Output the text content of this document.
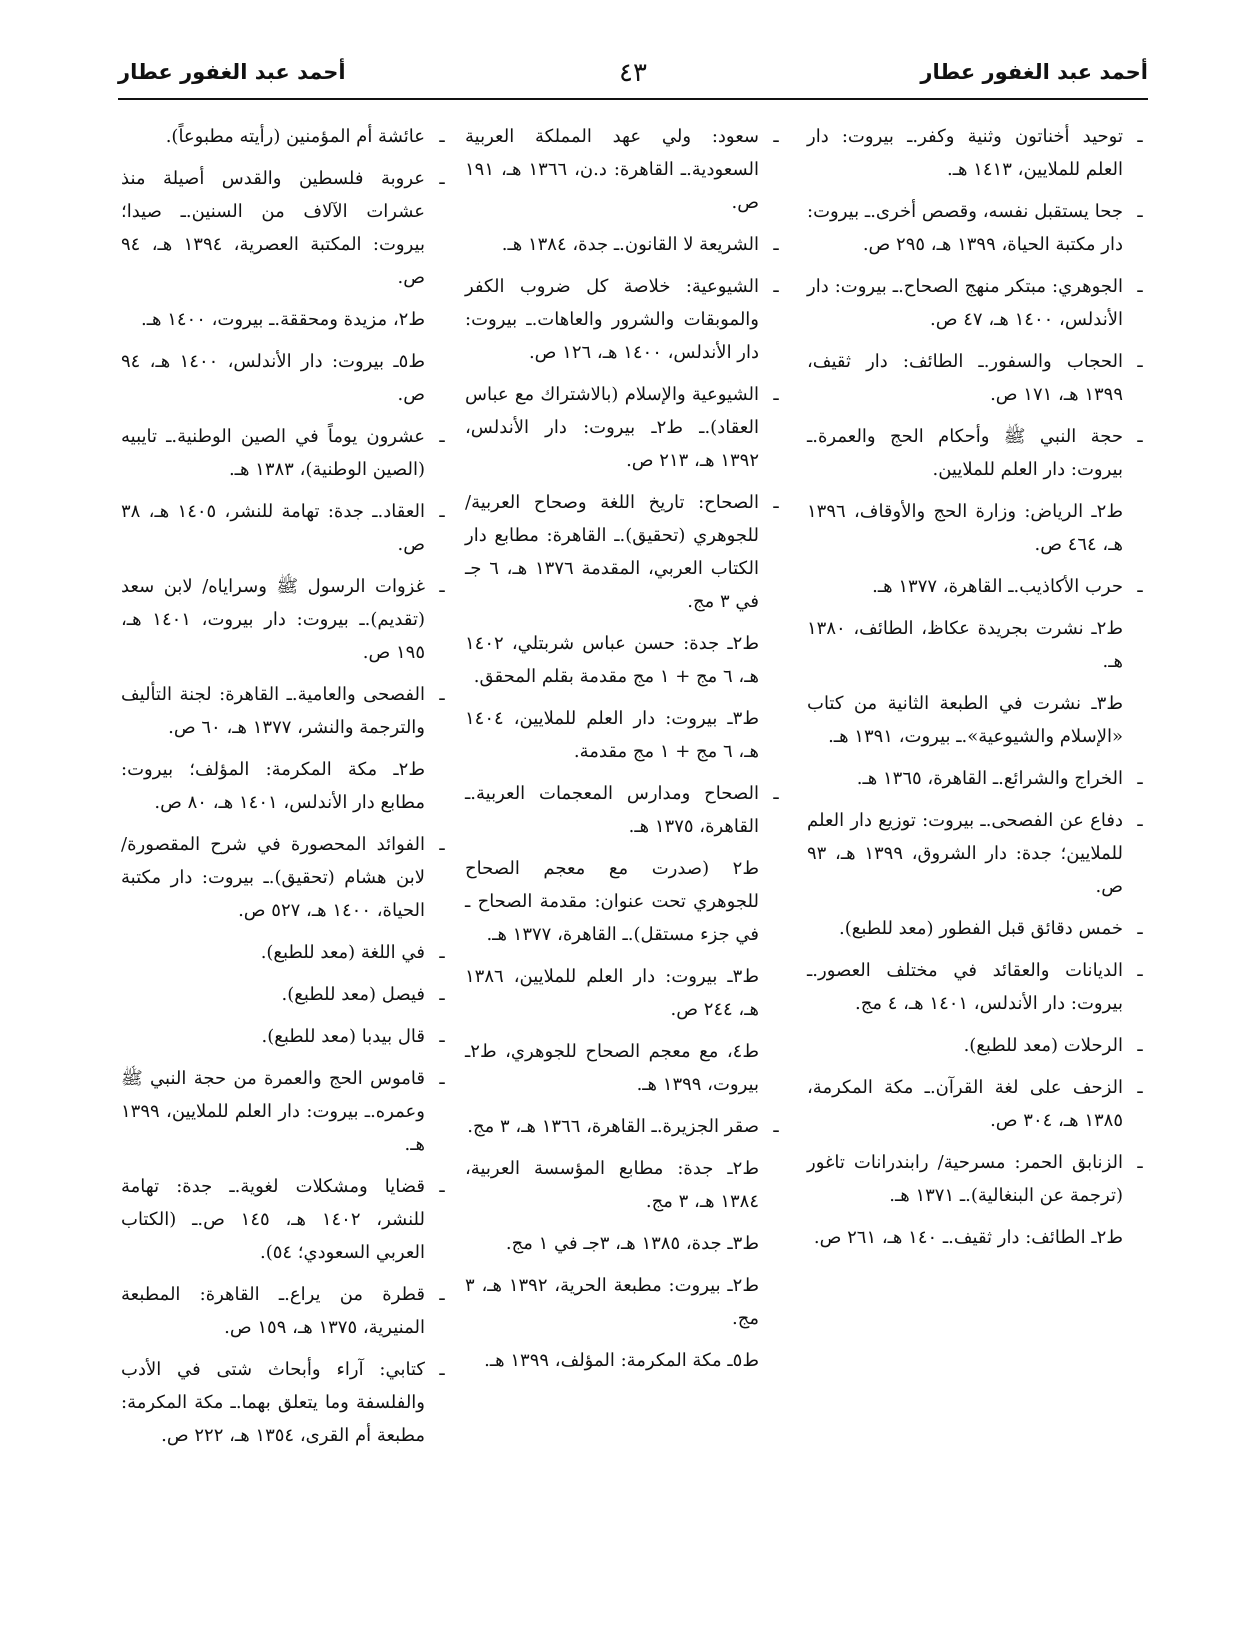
أحمد عبد الغفور عطار
٤٣
أحمد عبد الغفور عطار
ـ
توحيد أخناتون وثنية وكفر.ـ بيروت: دار العلم للملايين، ١٤١٣ هـ.
ـ
جحا يستقبل نفسه، وقصص أخرى.ـ بيروت: دار مكتبة الحياة، ١٣٩٩ هـ، ٢٩٥ ص.
ـ
الجوهري: مبتكر منهج الصحاح.ـ بيروت: دار الأندلس، ١٤٠٠ هـ، ٤٧ ص.
ـ
الحجاب والسفور.ـ الطائف: دار ثقيف، ١٣٩٩ هـ، ١٧١ ص.
ـ
حجة النبي ﷺ وأحكام الحج والعمرة.ـ بيروت: دار العلم للملايين.
ط٢ـ الرياض: وزارة الحج والأوقاف، ١٣٩٦ هـ، ٤٦٤ ص.
ـ
حرب الأكاذيب.ـ القاهرة، ١٣٧٧ هـ.
ط٢ـ نشرت بجريدة عكاظ، الطائف، ١٣٨٠ هـ.
ط٣ـ نشرت في الطبعة الثانية من كتاب «الإسلام والشيوعية».ـ بيروت، ١٣٩١ هـ.
ـ
الخراج والشرائع.ـ القاهرة، ١٣٦٥ هـ.
ـ
دفاع عن الفصحى.ـ بيروت: توزيع دار العلم للملايين؛ جدة: دار الشروق، ١٣٩٩ هـ، ٩٣ ص.
ـ
خمس دقائق قبل الفطور (معد للطبع).
ـ
الديانات والعقائد في مختلف العصور.ـ بيروت: دار الأندلس، ١٤٠١ هـ، ٤ مج.
ـ
الرحلات (معد للطبع).
ـ
الزحف على لغة القرآن.ـ مكة المكرمة، ١٣٨٥ هـ، ٣٠٤ ص.
ـ
الزنابق الحمر: مسرحية/ رابندرانات تاغور (ترجمة عن البنغالية).ـ ١٣٧١ هـ.
ط٢ـ الطائف: دار ثقيف.ـ ١٤٠ هـ، ٢٦١ ص.
ـ
سعود: ولي عهد المملكة العربية السعودية.ـ القاهرة: د.ن، ١٣٦٦ هـ، ١٩١ ص.
ـ
الشريعة لا القانون.ـ جدة، ١٣٨٤ هـ.
ـ
الشيوعية: خلاصة كل ضروب الكفر والموبقات والشرور والعاهات.ـ بيروت: دار الأندلس، ١٤٠٠ هـ، ١٢٦ ص.
ـ
الشيوعية والإسلام (بالاشتراك مع عباس العقاد).ـ ط٢ـ بيروت: دار الأندلس، ١٣٩٢ هـ، ٢١٣ ص.
ـ
الصحاح: تاريخ اللغة وصحاح العربية/ للجوهري (تحقيق).ـ القاهرة: مطابع دار الكتاب العربي، المقدمة ١٣٧٦ هـ، ٦ جـ في ٣ مج.
ط٢ـ جدة: حسن عباس شربتلي، ١٤٠٢ هـ، ٦ مج + ١ مج مقدمة بقلم المحقق.
ط٣ـ بيروت: دار العلم للملايين، ١٤٠٤ هـ، ٦ مج + ١ مج مقدمة.
ـ
الصحاح ومدارس المعجمات العربية.ـ القاهرة، ١٣٧٥ هـ.
ط٢ (صدرت مع معجم الصحاح للجوهري تحت عنوان: مقدمة الصحاح ـ في جزء مستقل).ـ القاهرة، ١٣٧٧ هـ.
ط٣ـ بيروت: دار العلم للملايين، ١٣٨٦ هـ، ٢٤٤ ص.
ط٤، مع معجم الصحاح للجوهري، ط٢ـ بيروت، ١٣٩٩ هـ.
ـ
صقر الجزيرة.ـ القاهرة، ١٣٦٦ هـ، ٣ مج.
ط٢ـ جدة: مطابع المؤسسة العربية، ١٣٨٤ هـ، ٣ مج.
ط٣ـ جدة، ١٣٨٥ هـ، ٣جـ في ١ مج.
ط٢ـ بيروت: مطبعة الحرية، ١٣٩٢ هـ، ٣ مج.
ط٥ـ مكة المكرمة: المؤلف، ١٣٩٩ هـ.
ـ
عائشة أم المؤمنين (رأيته مطبوعاً).
ـ
عروبة فلسطين والقدس أصيلة منذ عشرات الآلاف من السنين.ـ صيدا؛ بيروت: المكتبة العصرية، ١٣٩٤ هـ، ٩٤ ص.
ط٢، مزيدة ومحققة.ـ بيروت، ١٤٠٠ هـ.
ط٥ـ بيروت: دار الأندلس، ١٤٠٠ هـ، ٩٤ ص.
ـ
عشرون يوماً في الصين الوطنية.ـ تايبيه (الصين الوطنية)، ١٣٨٣ هـ.
ـ
العقاد.ـ جدة: تهامة للنشر، ١٤٠٥ هـ، ٣٨ ص.
ـ
غزوات الرسول ﷺ وسراياه/ لابن سعد (تقديم).ـ بيروت: دار بيروت، ١٤٠١ هـ، ١٩٥ ص.
ـ
الفصحى والعامية.ـ القاهرة: لجنة التأليف والترجمة والنشر، ١٣٧٧ هـ، ٦٠ ص.
ط٢ـ مكة المكرمة: المؤلف؛ بيروت: مطابع دار الأندلس، ١٤٠١ هـ، ٨٠ ص.
ـ
الفوائد المحصورة في شرح المقصورة/ لابن هشام (تحقيق).ـ بيروت: دار مكتبة الحياة، ١٤٠٠ هـ، ٥٢٧ ص.
ـ
في اللغة (معد للطبع).
ـ
فيصل (معد للطبع).
ـ
قال بيدبا (معد للطبع).
ـ
قاموس الحج والعمرة من حجة النبي ﷺ وعمره.ـ بيروت: دار العلم للملايين، ١٣٩٩ هـ.
ـ
قضايا ومشكلات لغوية.ـ جدة: تهامة للنشر، ١٤٠٢ هـ، ١٤٥ ص.ـ (الكتاب العربي السعودي؛ ٥٤).
ـ
قطرة من يراع.ـ القاهرة: المطبعة المنيرية، ١٣٧٥ هـ، ١٥٩ ص.
ـ
كتابي: آراء وأبحاث شتى في الأدب والفلسفة وما يتعلق بهما.ـ مكة المكرمة: مطبعة أم القرى، ١٣٥٤ هـ، ٢٢٢ ص.
